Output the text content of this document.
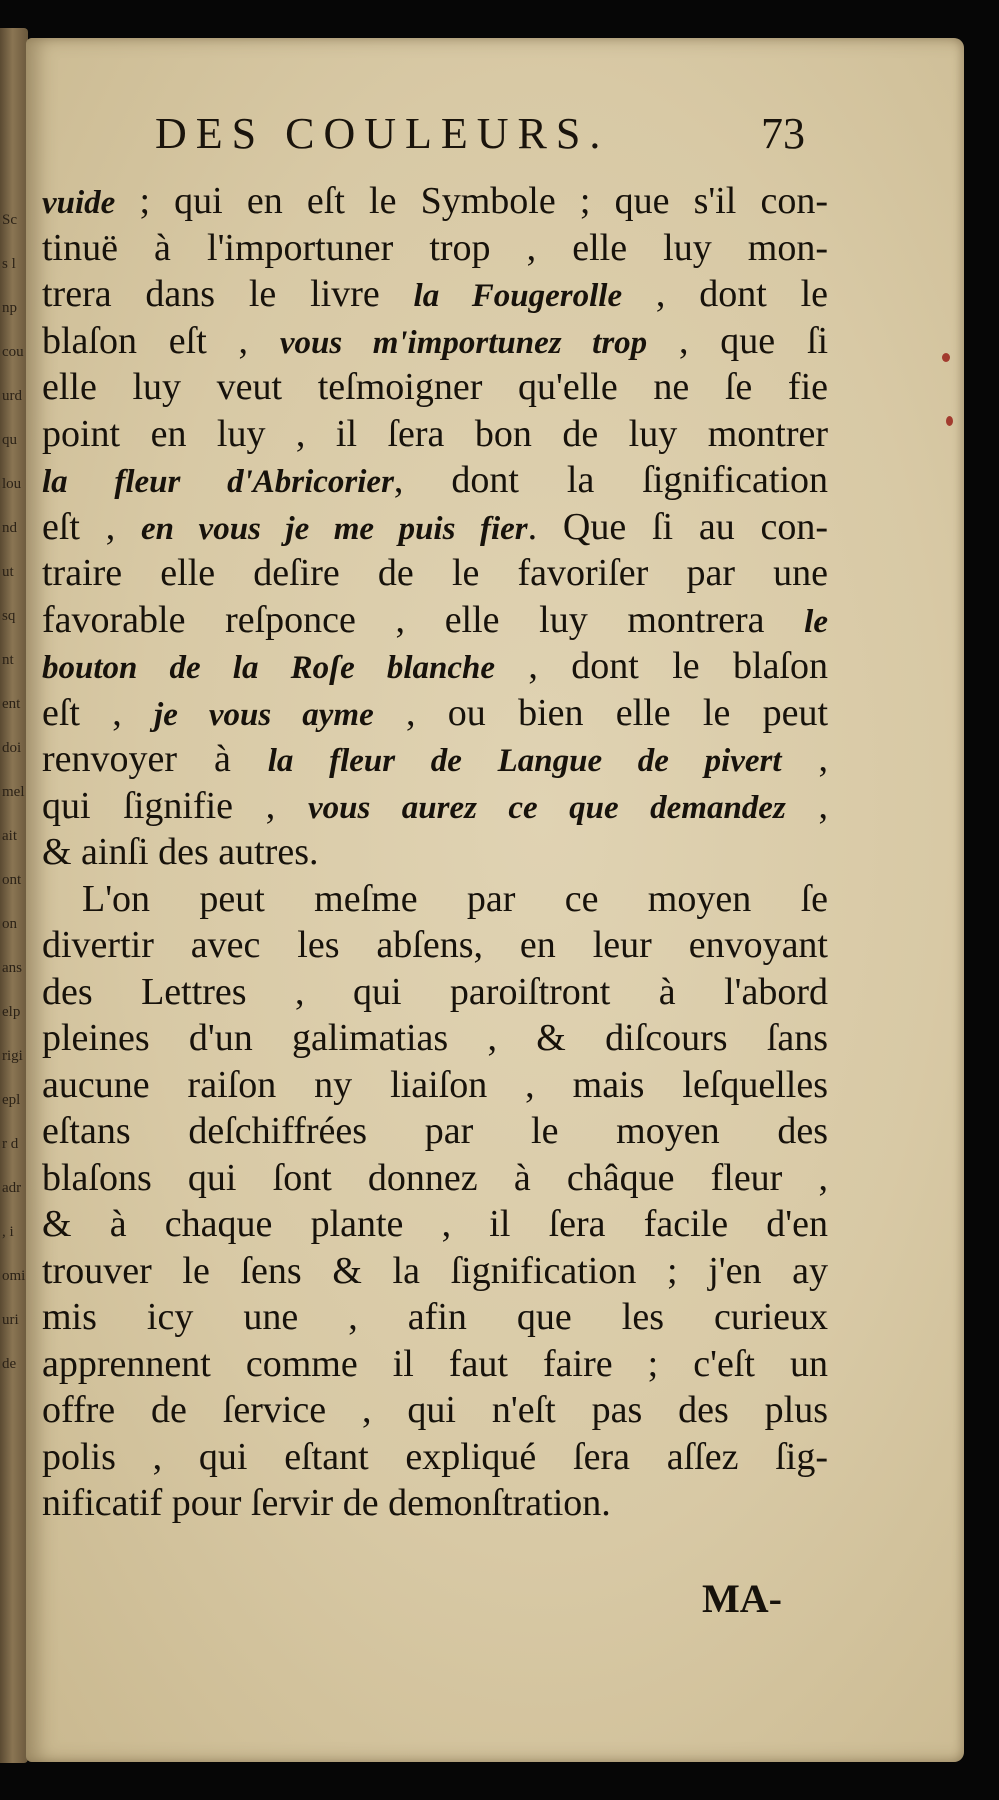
Sc
s l
np
cou
urd
qu
lou
nd
ut
sq
nt
ent
doi
mel
ait
ont
on
ans
elp
rigi
epl
r d
adr
, i
omi
uri
de
DES COULEURS.	73
vuide ; qui en eſt le Symbole ; que s'il con-
tinuë à l'importuner trop , elle luy mon-
trera dans le livre la Fougerolle , dont le
blaſon eſt , vous m'importunez trop , que ſi
elle luy veut teſmoigner qu'elle ne ſe fie
point en luy , il ſera bon de luy montrer
la fleur d'Abricorier, dont la ſignification
eſt , en vous je me puis fier. Que ſi au con-
traire elle deſire de le favoriſer par une
favorable reſponce , elle luy montrera le
bouton de la Roſe blanche , dont le blaſon
eſt , je vous ayme , ou bien elle le peut
renvoyer à la fleur de Langue de pivert ,
qui ſignifie , vous aurez ce que demandez ,
& ainſi des autres.
L'on peut meſme par ce moyen ſe
divertir avec les abſens, en leur envoyant
des Lettres , qui paroiſtront à l'abord
pleines d'un galimatias , & diſcours ſans
aucune raiſon ny liaiſon , mais leſquelles
eſtans deſchiffrées par le moyen des
blaſons qui ſont donnez à châque fleur ,
& à chaque plante , il ſera facile d'en
trouver le ſens & la ſignification ; j'en ay
mis icy une , afin que les curieux
apprennent comme il faut faire ; c'eſt un
offre de ſervice , qui n'eſt pas des plus
polis , qui eſtant expliqué ſera aſſez ſig-
nificatif pour ſervir de demonſtration.
MA-
